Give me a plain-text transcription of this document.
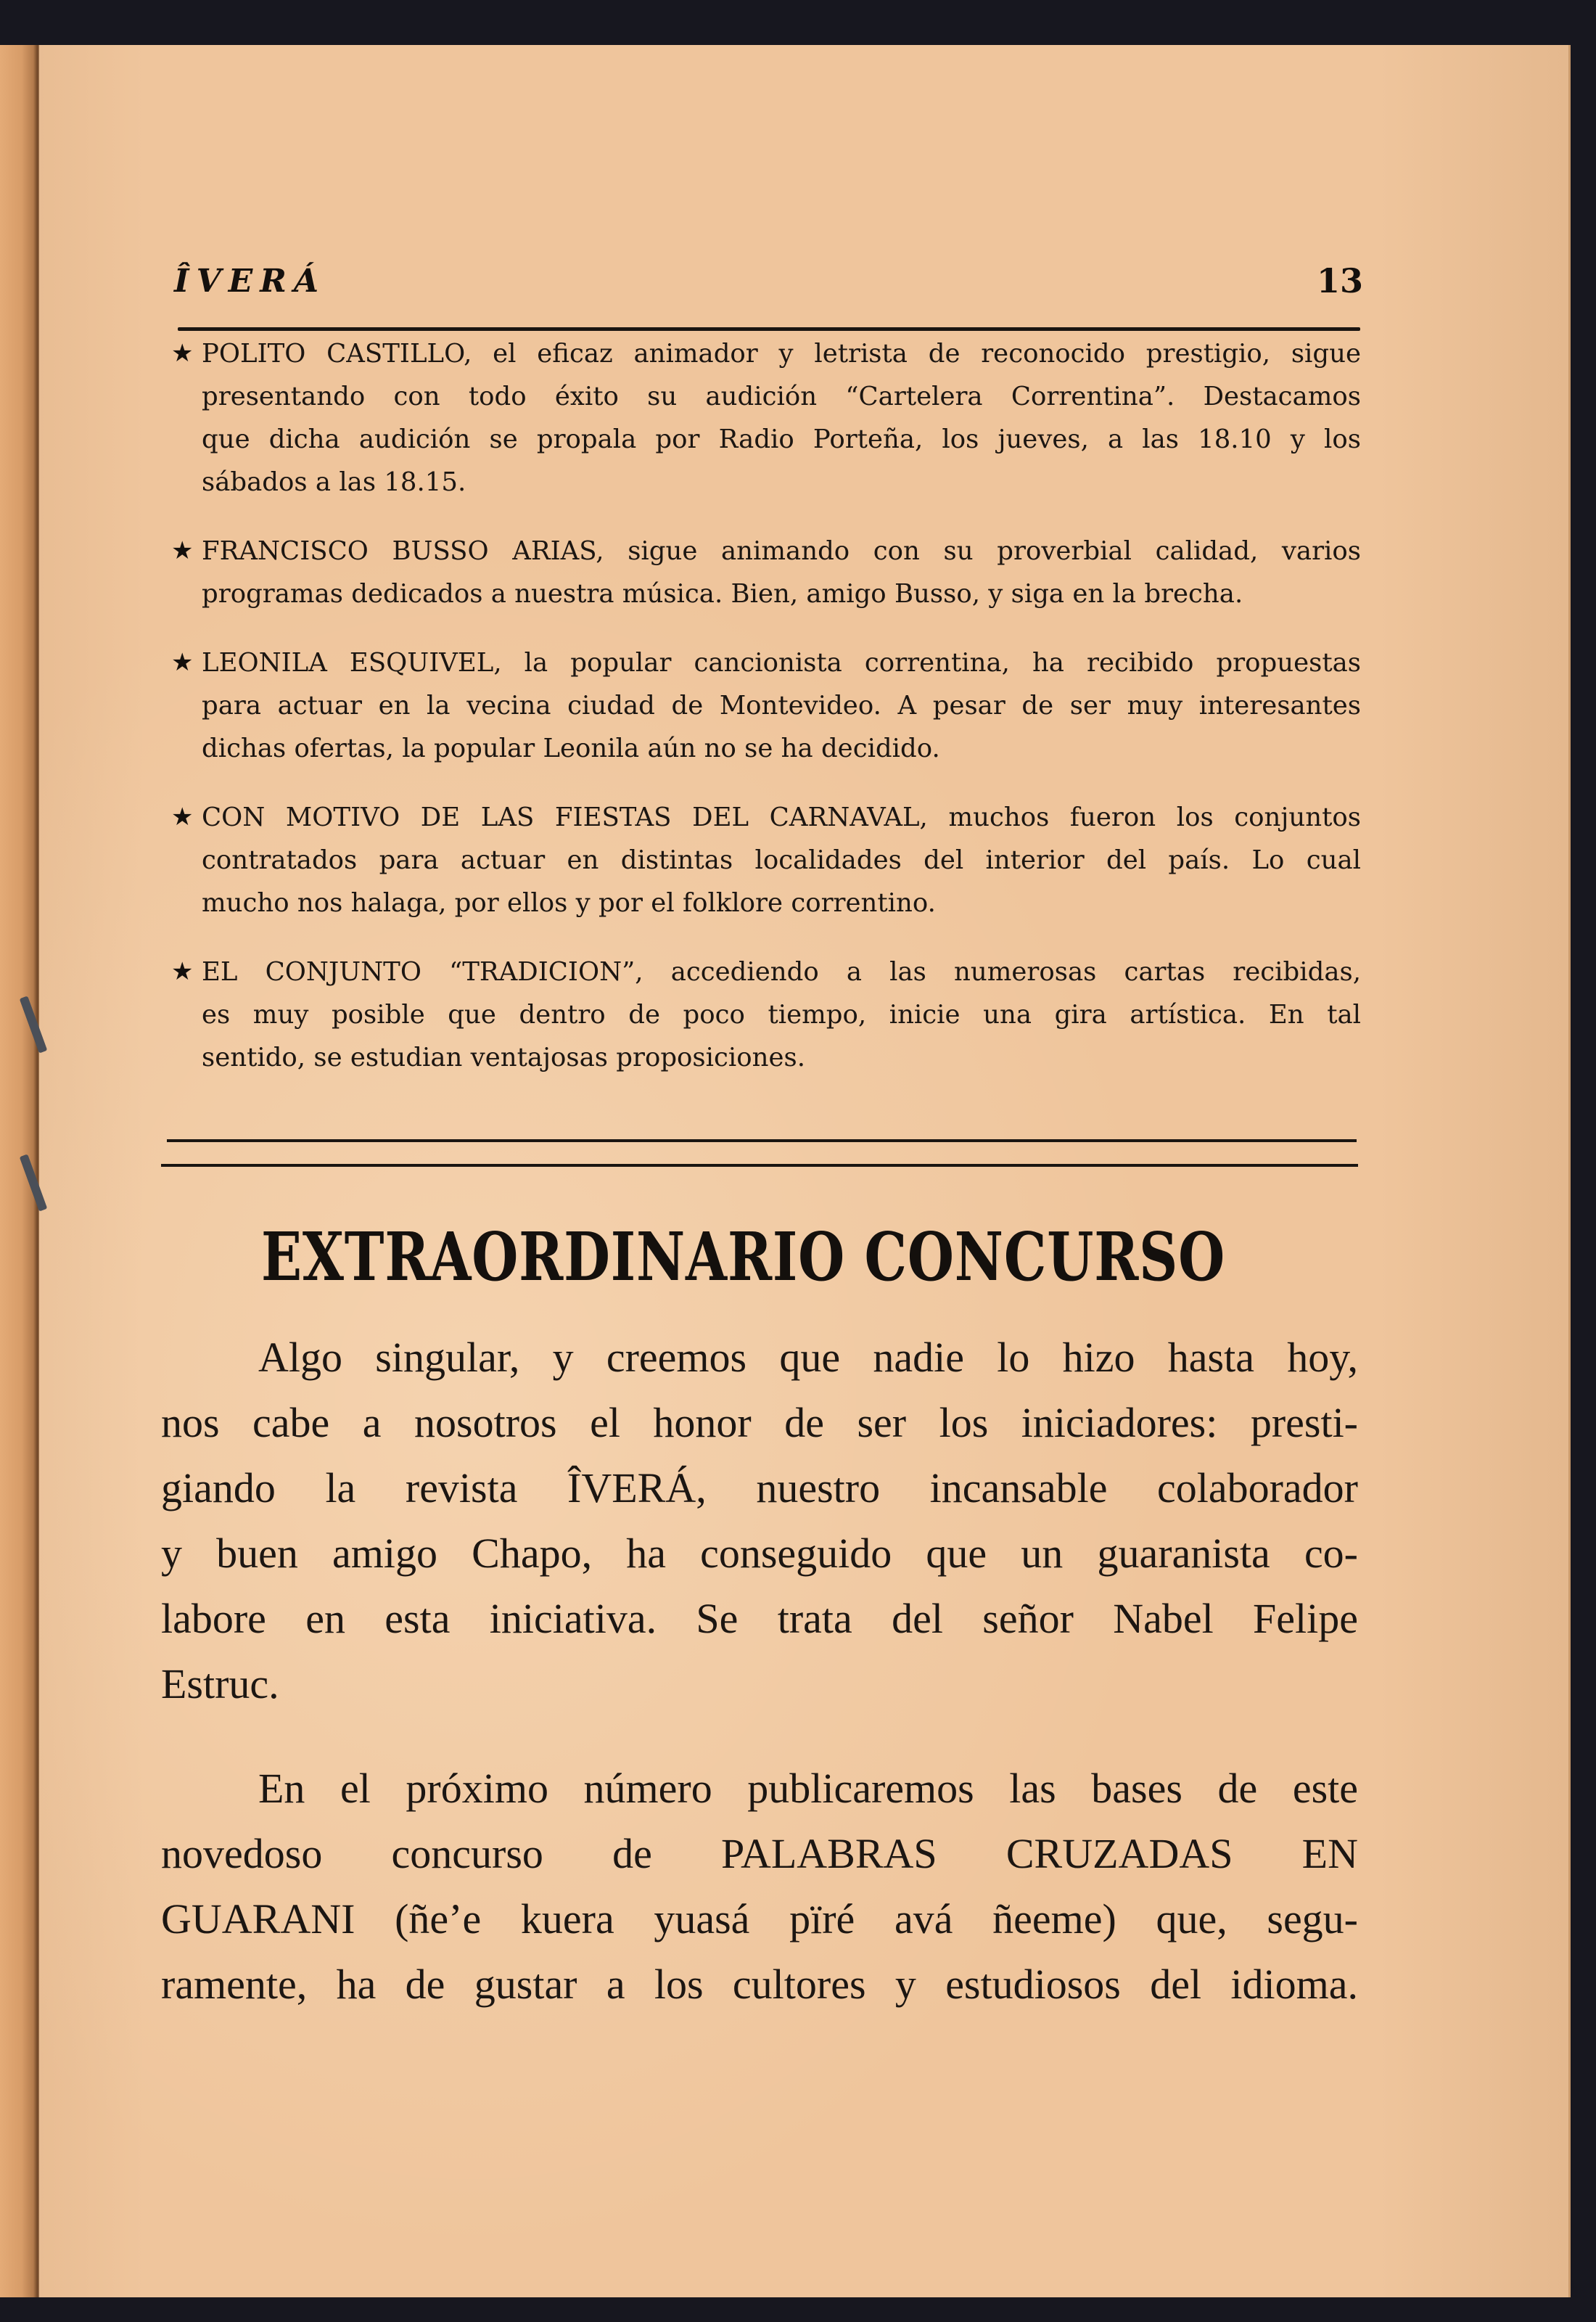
ÎVERÁ	13
★ POLITO CASTILLO, el eficaz animador y letrista de reconocido prestigio, sigue
presentando con todo éxito su audición “Cartelera Correntina”. Destacamos
que dicha audición se propala por Radio Porteña, los jueves, a las 18.10 y los
sábados a las 18.15.
★ FRANCISCO BUSSO ARIAS, sigue animando con su proverbial calidad, varios
programas dedicados a nuestra música. Bien, amigo Busso, y siga en la brecha.
★ LEONILA ESQUIVEL, la popular cancionista correntina, ha recibido propuestas
para actuar en la vecina ciudad de Montevideo. A pesar de ser muy interesantes
dichas ofertas, la popular Leonila aún no se ha decidido.
★ CON MOTIVO DE LAS FIESTAS DEL CARNAVAL, muchos fueron los conjuntos
contratados para actuar en distintas localidades del interior del país. Lo cual
mucho nos halaga, por ellos y por el folklore correntino.
★ EL CONJUNTO “TRADICION”, accediendo a las numerosas cartas recibidas,
es muy posible que dentro de poco tiempo, inicie una gira artística. En tal
sentido, se estudian ventajosas proposiciones.
EXTRAORDINARIO CONCURSO

Algo singular, y creemos que nadie lo hizo hasta hoy,
nos cabe a nosotros el honor de ser los iniciadores: presti-
giando la revista ÎVERÁ, nuestro incansable colaborador
y buen amigo Chapo, ha conseguido que un guaranista co-
labore en esta iniciativa. Se trata del señor Nabel Felipe
Estruc.

En el próximo número publicaremos las bases de este
novedoso concurso de PALABRAS CRUZADAS EN
GUARANI (ñe’e kuera yuasá pïré avá ñeeme) que, segu-
ramente, ha de gustar a los cultores y estudiosos del idioma.
